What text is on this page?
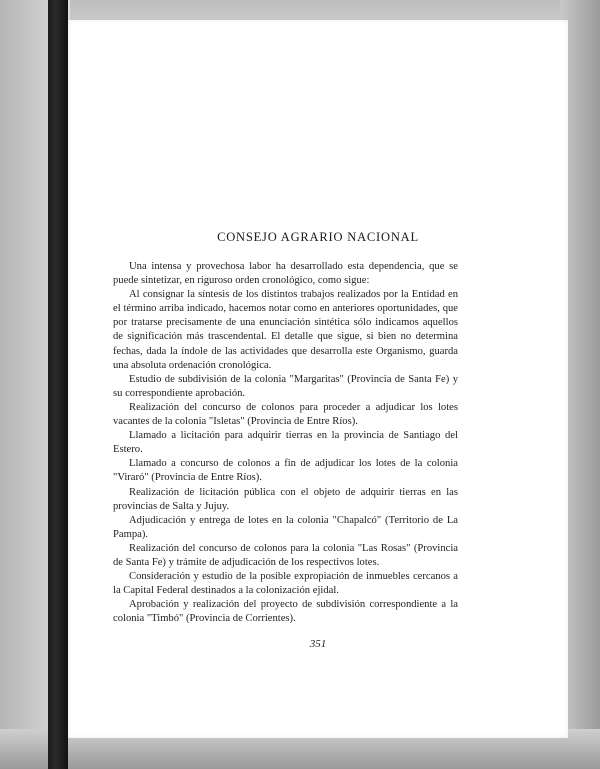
CONSEJO AGRARIO NACIONAL

Una intensa y provechosa labor ha desarrollado esta dependencia, que se puede sintetizar, en riguroso orden cronológico, como sigue:

Al consignar la síntesis de los distintos trabajos realizados por la Entidad en el término arriba indicado, hacemos notar como en anteriores oportunidades, que por tratarse precisamente de una enunciación sintética sólo indicamos aquellos de significación más trascendental. El detalle que sigue, si bien no determina fechas, dada la índole de las actividades que desarrolla este Organismo, guarda una absoluta ordenación cronológica.

Estudio de subdivisión de la colonia "Margaritas" (Provincia de Santa Fe) y su correspondiente aprobación.

Realización del concurso de colonos para proceder a adjudicar los lotes vacantes de la colonia "Isletas" (Provincia de Entre Ríos).

Llamado a licitación para adquirir tierras en la provincia de Santiago del Estero.

Llamado a concurso de colonos a fin de adjudicar los lotes de la colonia "Viraró" (Provincia de Entre Ríos).

Realización de licitación pública con el objeto de adquirir tierras en las provincias de Salta y Jujuy.

Adjudicación y entrega de lotes en la colonia "Chapalcó" (Territorio de La Pampa).

Realización del concurso de colonos para la colonia "Las Rosas" (Provincia de Santa Fe) y trámite de adjudicación de los respectivos lotes.

Consideración y estudio de la posible expropiación de inmuebles cercanos a la Capital Federal destinados a la colonización ejidal.

Aprobación y realización del proyecto de subdivisión correspondiente a la colonia "Timbó" (Provincia de Corrientes).

351
